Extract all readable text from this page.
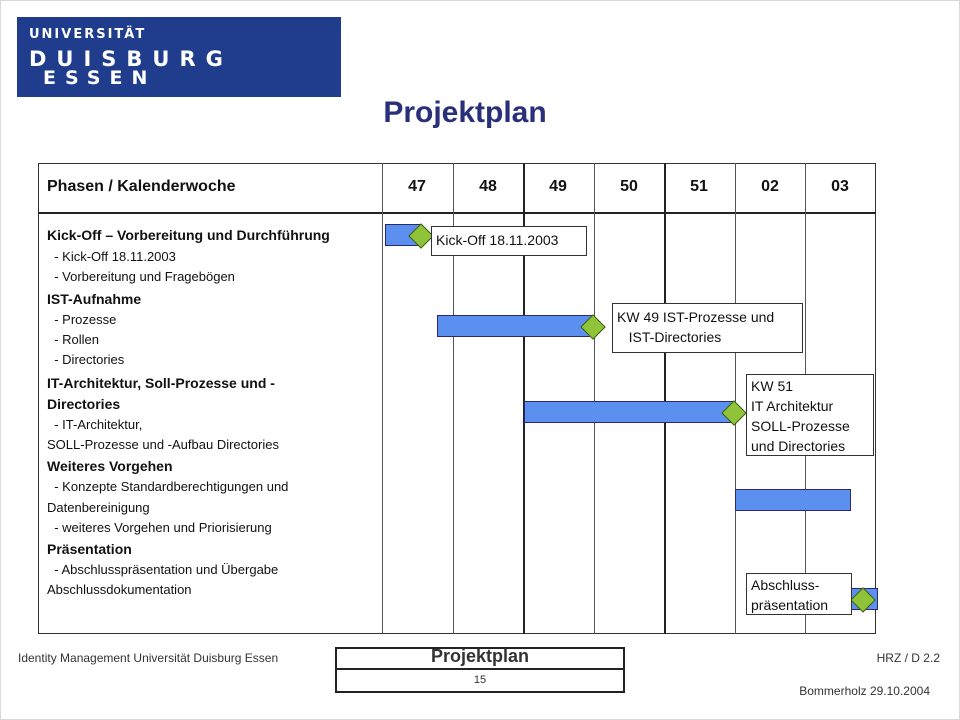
UNIVERSITÄT
DUISBURG
ESSEN
Projektplan
Phasen / Kalenderwoche	47	48	49	50	51	02	03
Kick-Off – Vorbereitung und Durchführung
- Kick-Off 18.11.2003
- Vorbereitung und Fragebögen
IST-Aufnahme
- Prozesse
- Rollen
- Directories
IT-Architektur, Soll-Prozesse und -
Directories
- IT-Architektur,
SOLL-Prozesse und -Aufbau Directories
Weiteres Vorgehen
- Konzepte Standardberechtigungen und
Datenbereinigung
- weiteres Vorgehen und Priorisierung
Präsentation
- Abschlusspräsentation und Übergabe
Abschlussdokumentation
Kick-Off 18.11.2003
KW 49 IST-Prozesse und
IST-Directories
KW 51
IT Architektur
SOLL-Prozesse
und Directories
Abschluss-
präsentation
Identity Management Universität Duisburg Essen	HRZ / D 2.2
Projektplan
15
Bommerholz 29.10.2004
